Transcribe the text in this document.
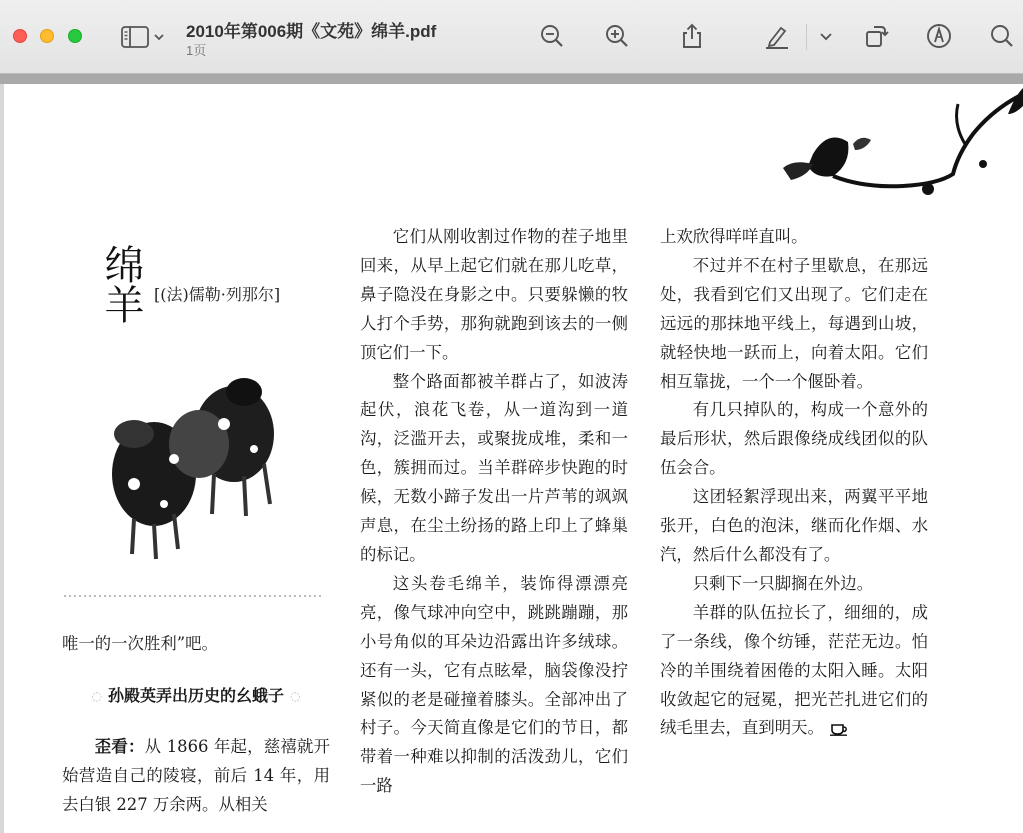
2010年第006期《文苑》绵羊.pdf
1页
绵羊 [(法)儒勒·列那尔]

唯一的一次胜利”吧。

◌ 孙殿英弄出历史的幺蛾子 ◌

歪看：从 1866 年起，慈禧就开始营造自己的陵寝，前后 14 年，用去白银 227 万余两。从相关

它们从刚收割过作物的茬子地里回来，从早上起它们就在那儿吃草，鼻子隐没在身影之中。只要躲懒的牧人打个手势，那狗就跑到该去的一侧顶它们一下。

整个路面都被羊群占了，如波涛起伏，浪花飞卷，从一道沟到一道沟，泛滥开去，或聚拢成堆，柔和一色，簇拥而过。当羊群碎步快跑的时候，无数小蹄子发出一片芦苇的飒飒声息，在尘土纷扬的路上印上了蜂巢的标记。

这头卷毛绵羊，装饰得漂漂亮亮，像气球冲向空中，跳跳蹦蹦，那小号角似的耳朵边沿露出许多绒球。还有一头，它有点眩晕，脑袋像没拧紧似的老是碰撞着膝头。全部冲出了村子。今天简直像是它们的节日，都带着一种难以抑制的活泼劲儿，它们一路

上欢欣得咩咩直叫。

不过并不在村子里歇息，在那远处，我看到它们又出现了。它们走在远远的那抹地平线上，每遇到山坡，就轻快地一跃而上，向着太阳。它们相互靠拢，一个一个偃卧着。

有几只掉队的，构成一个意外的最后形状，然后跟像绕成线团似的队伍会合。

这团轻絮浮现出来，两翼平平地张开，白色的泡沫，继而化作烟、水汽，然后什么都没有了。

只剩下一只脚搁在外边。

羊群的队伍拉长了，细细的，成了一条线，像个纺锤，茫茫无边。怕冷的羊围绕着困倦的太阳入睡。太阳收敛起它的冠冕，把光芒扎进它们的绒毛里去，直到明天。
